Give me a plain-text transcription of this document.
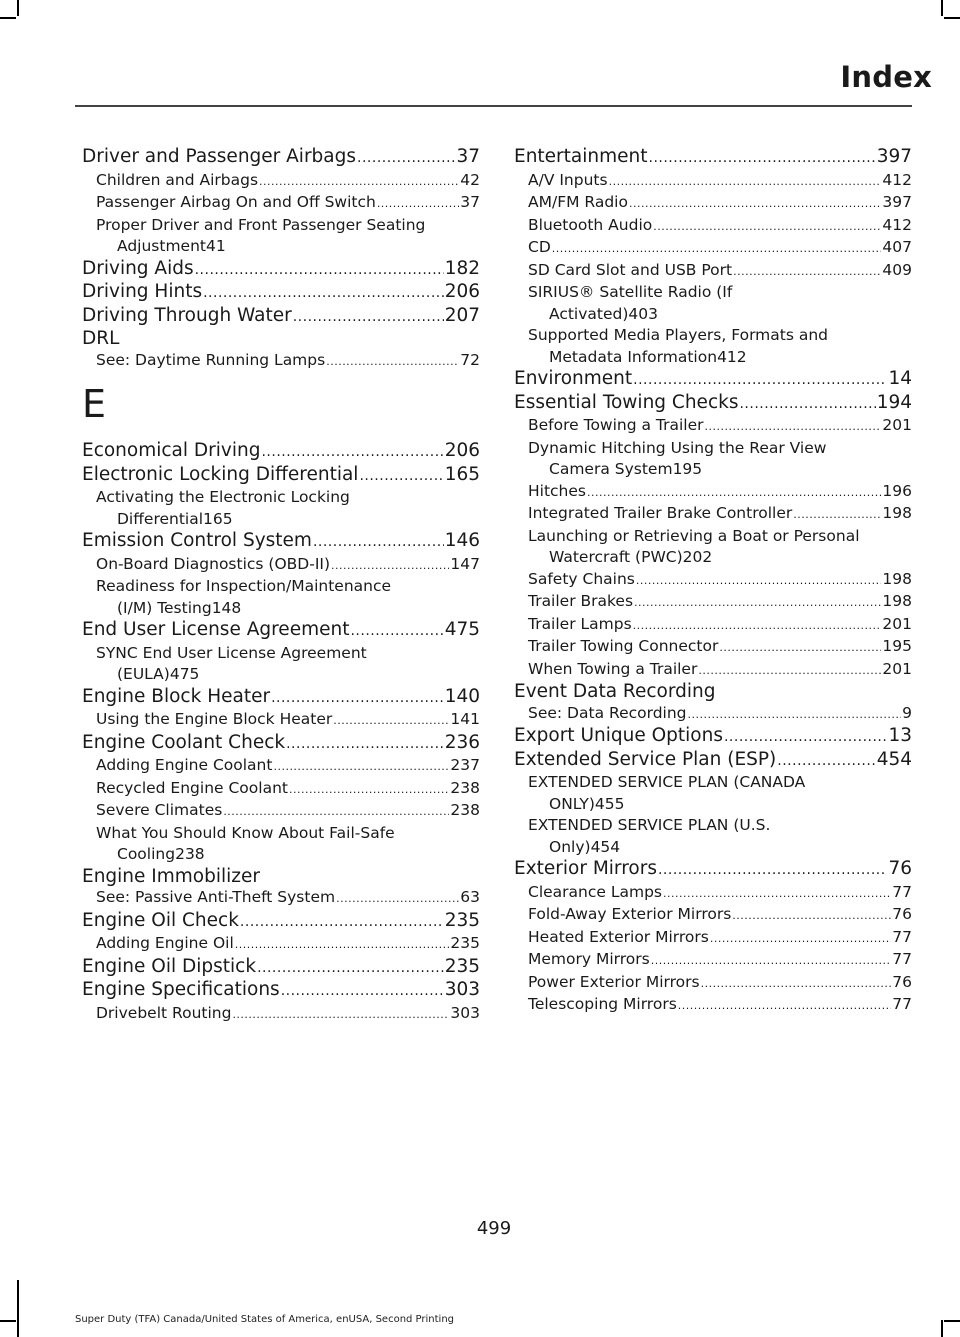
Index
Driver and Passenger Airbags .....	37
Children and Airbags .....	42
Passenger Airbag On and Off Switch .....	37
Proper Driver and Front Passenger Seating
Adjustment 41
Driving Aids .....	182
Driving Hints .....	206
Driving Through Water .....	207
DRL
See: Daytime Running Lamps .....	72
E
Economical Driving .....	206
Electronic Locking Differential .....	165
Activating the Electronic Locking
Differential 165
Emission Control System .....	146
On-Board Diagnostics (OBD-II) .....	147
Readiness for Inspection/Maintenance
(I/M) Testing 148
End User License Agreement .....	475
SYNC End User License Agreement
(EULA) 475
Engine Block Heater .....	140
Using the Engine Block Heater .....	141
Engine Coolant Check .....	236
Adding Engine Coolant .....	237
Recycled Engine Coolant .....	238
Severe Climates .....	238
What You Should Know About Fail-Safe
Cooling 238
Engine Immobilizer
See: Passive Anti-Theft System .....	63
Engine Oil Check .....	235
Adding Engine Oil .....	235
Engine Oil Dipstick .....	235
Engine Specifications .....	303
Drivebelt Routing .....	303
Entertainment .....	397
A/V Inputs .....	412
AM/FM Radio .....	397
Bluetooth Audio .....	412
CD .....	407
SD Card Slot and USB Port .....	409
SIRIUS® Satellite Radio (If
Activated) 403
Supported Media Players, Formats and
Metadata Information 412
Environment .....	14
Essential Towing Checks .....	194
Before Towing a Trailer .....	201
Dynamic Hitching Using the Rear View
Camera System 195
Hitches .....	196
Integrated Trailer Brake Controller .....	198
Launching or Retrieving a Boat or Personal
Watercraft (PWC) 202
Safety Chains .....	198
Trailer Brakes .....	198
Trailer Lamps .....	201
Trailer Towing Connector .....	195
When Towing a Trailer .....	201
Event Data Recording
See: Data Recording .....	9
Export Unique Options .....	13
Extended Service Plan (ESP) .....	454
EXTENDED SERVICE PLAN (CANADA
ONLY) 455
EXTENDED SERVICE PLAN (U.S.
Only) 454
Exterior Mirrors .....	76
Clearance Lamps .....	77
Fold-Away Exterior Mirrors .....	76
Heated Exterior Mirrors .....	77
Memory Mirrors .....	77
Power Exterior Mirrors .....	76
Telescoping Mirrors .....	77
499
Super Duty (TFA) Canada/United States of America, enUSA, Second Printing
